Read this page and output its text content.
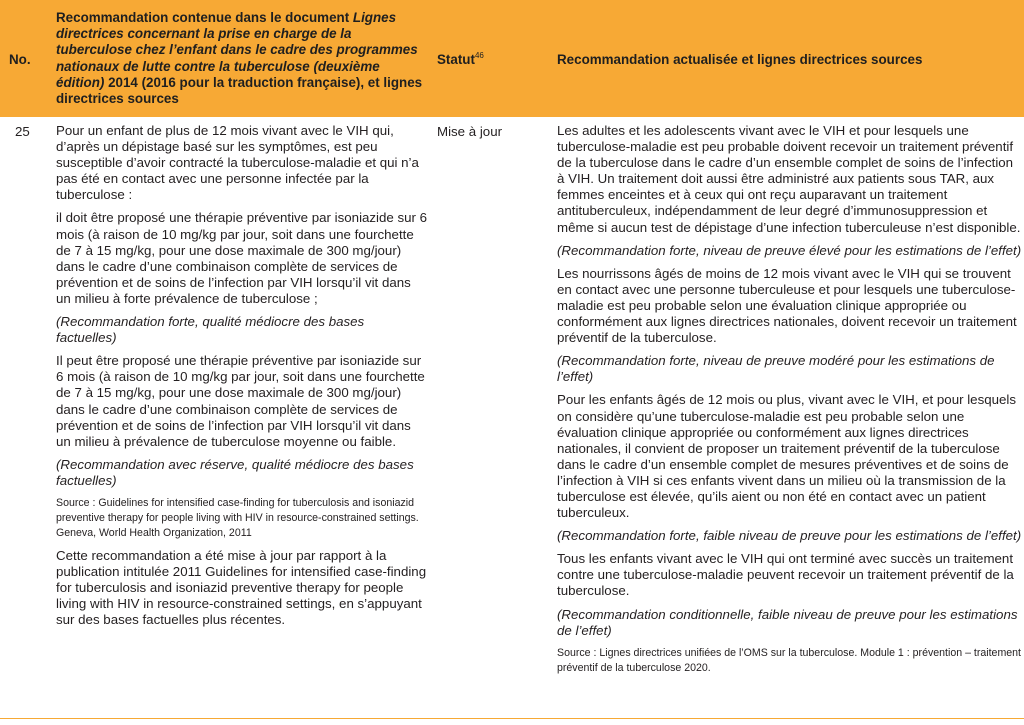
No.
Recommandation contenue dans le document Lignes directrices concernant la prise en charge de la tuberculose chez l’enfant dans le cadre des programmes nationaux de lutte contre la tuberculose (deuxième édition) 2014 (2016 pour la traduction française), et lignes directrices sources
Statut$^{46}$	Recommandation actualisée et lignes directrices sources
25	Mise à jour

Pour un enfant de plus de 12 mois vivant avec le VIH qui, d’après un dépistage basé sur les symptômes, est peu susceptible d’avoir contracté la tuberculose-maladie et qui n’a pas été en contact avec une personne infectée par la tuberculose :

il doit être proposé une thérapie préventive par isoniazide sur 6 mois (à raison de 10 mg/kg par jour, soit dans une fourchette de 7 à 15 mg/kg, pour une dose maximale de 300 mg/jour) dans le cadre d’une combinaison complète de services de prévention et de soins de l’infection par VIH lorsqu’il vit dans un milieu à forte prévalence de tuberculose ;

(Recommandation forte, qualité médiocre des bases factuelles)

Il peut être proposé une thérapie préventive par isoniazide sur 6 mois (à raison de 10 mg/kg par jour, soit dans une fourchette de 7 à 15 mg/kg, pour une dose maximale de 300 mg/jour) dans le cadre d’une combinaison complète de services de prévention et de soins de l’infection par VIH lorsqu’il vit dans un milieu à prévalence de tuberculose moyenne ou faible.

(Recommandation avec réserve, qualité médiocre des bases factuelles)

Source : Guidelines for intensified case-finding for tuberculosis and isoniazid preventive therapy for people living with HIV in resource-constrained settings. Geneva, World Health Organization, 2011

Cette recommandation a été mise à jour par rapport à la publication intitulée 2011 Guidelines for intensified case-finding for tuberculosis and isoniazid preventive therapy for people living with HIV in resource-constrained settings, en s’appuyant sur des bases factuelles plus récentes.

Les adultes et les adolescents vivant avec le VIH et pour lesquels une tuberculose-maladie est peu probable doivent recevoir un traitement préventif de la tuberculose dans le cadre d’un ensemble complet de soins de l’infection à VIH. Un traitement doit aussi être administré aux patients sous TAR, aux femmes enceintes et à ceux qui ont reçu auparavant un traitement antituberculeux, indépendamment de leur degré d’immunosuppression et même si aucun test de dépistage d’une infection tuberculeuse n’est disponible.

(Recommandation forte, niveau de preuve élevé pour les estimations de l’effet)

Les nourrissons âgés de moins de 12 mois vivant avec le VIH qui se trouvent en contact avec une personne tuberculeuse et pour lesquels une tuberculose-maladie est peu probable selon une évaluation clinique appropriée ou conformément aux lignes directrices nationales, doivent recevoir un traitement préventif de la tuberculose.

(Recommandation forte, niveau de preuve modéré pour les estimations de l’effet)

Pour les enfants âgés de 12 mois ou plus, vivant avec le VIH, et pour lesquels on considère qu’une tuberculose-maladie est peu probable selon une évaluation clinique appropriée ou conformément aux lignes directrices nationales, il convient de proposer un traitement préventif de la tuberculose dans le cadre d’un ensemble complet de mesures préventives et de soins de l’infection à VIH si ces enfants vivent dans un milieu où la transmission de la tuberculose est élevée, qu’ils aient ou non été en contact avec un patient tuberculeux.

(Recommandation forte, faible niveau de preuve pour les estimations de l’effet)

Tous les enfants vivant avec le VIH qui ont terminé avec succès un traitement contre une tuberculose-maladie peuvent recevoir un traitement préventif de la tuberculose.

(Recommandation conditionnelle, faible niveau de preuve pour les estimations de l’effet)

Source : Lignes directrices unifiées de l’OMS sur la tuberculose. Module 1 : prévention – traitement préventif de la tuberculose 2020.
